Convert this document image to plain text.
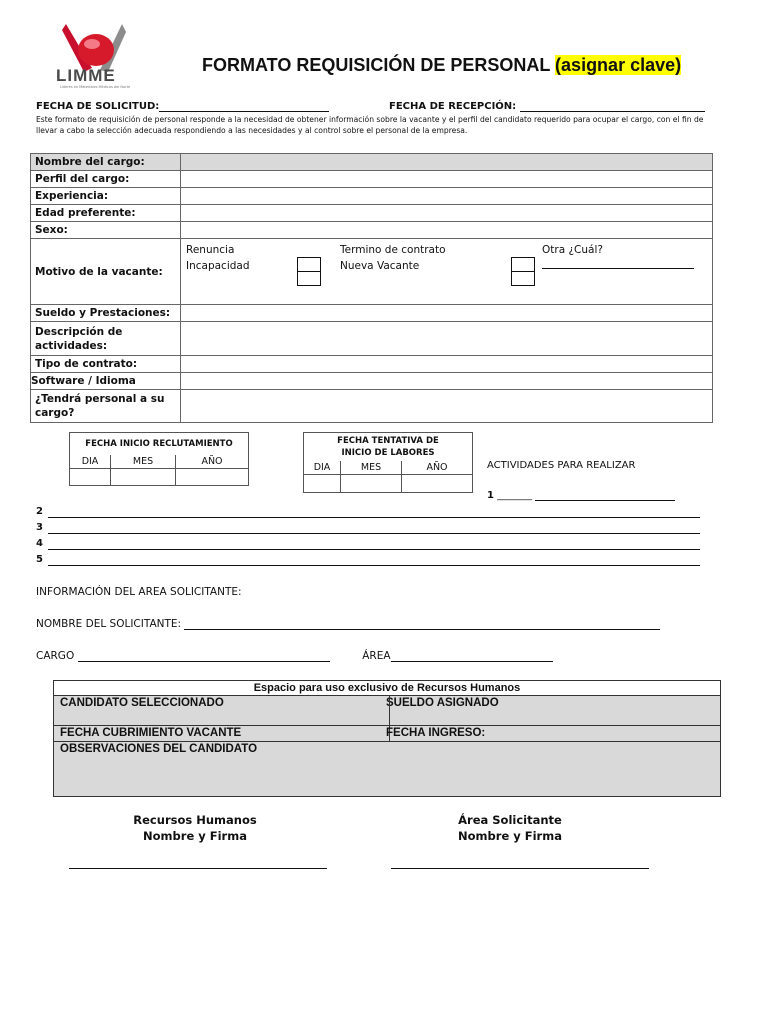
LIMME
Líderes en Materiales Médicos del Norte
FORMATO REQUISICIÓN DE PERSONAL (asignar clave)
FECHA DE SOLICITUD:	FECHA DE RECEPCIÓN:
Este formato de requisición de personal responde a la necesidad de obtener información sobre la vacante y el perfil del candidato requerido para ocupar el cargo, con el fin de llevar a cabo la selección adecuada respondiendo a las necesidades y al control sobre el personal de la empresa.
Nombre del cargo:	
Perfil del cargo:	
Experiencia:	
Edad preferente:	
Sexo:	
Motivo de la vacante:	Renuncia
Incapacidad
Termino de contrato
Nueva Vacante
Otra ¿Cuál?

Sueldo y Prestaciones:	
Descripción de actividades:	
Tipo de contrato:	
Software / Idioma	
¿Tendrá personal a su cargo?	
FECHA INICIO RECLUTAMIENTO		
DIA	MES	AÑO

FECHA TENTATIVA DE
INICIO DE LABORES		
DIA	MES	AÑO
			ACTIVIDADES PARA REALIZAR
1 _______
2
3
4
5
INFORMACIÓN DEL AREA SOLICITANTE:
NOMBRE DEL SOLICITANTE:
CARGO	ÁREA
Espacio para uso exclusivo de Recursos Humanos
CANDIDATO SELECCIONADO	SUELDO ASIGNADO
FECHA CUBRIMIENTO VACANTE	FECHA INGRESO:
OBSERVACIONES DEL CANDIDATO
Recursos Humanos
Nombre y Firma
Área Solicitante
Nombre y Firma
